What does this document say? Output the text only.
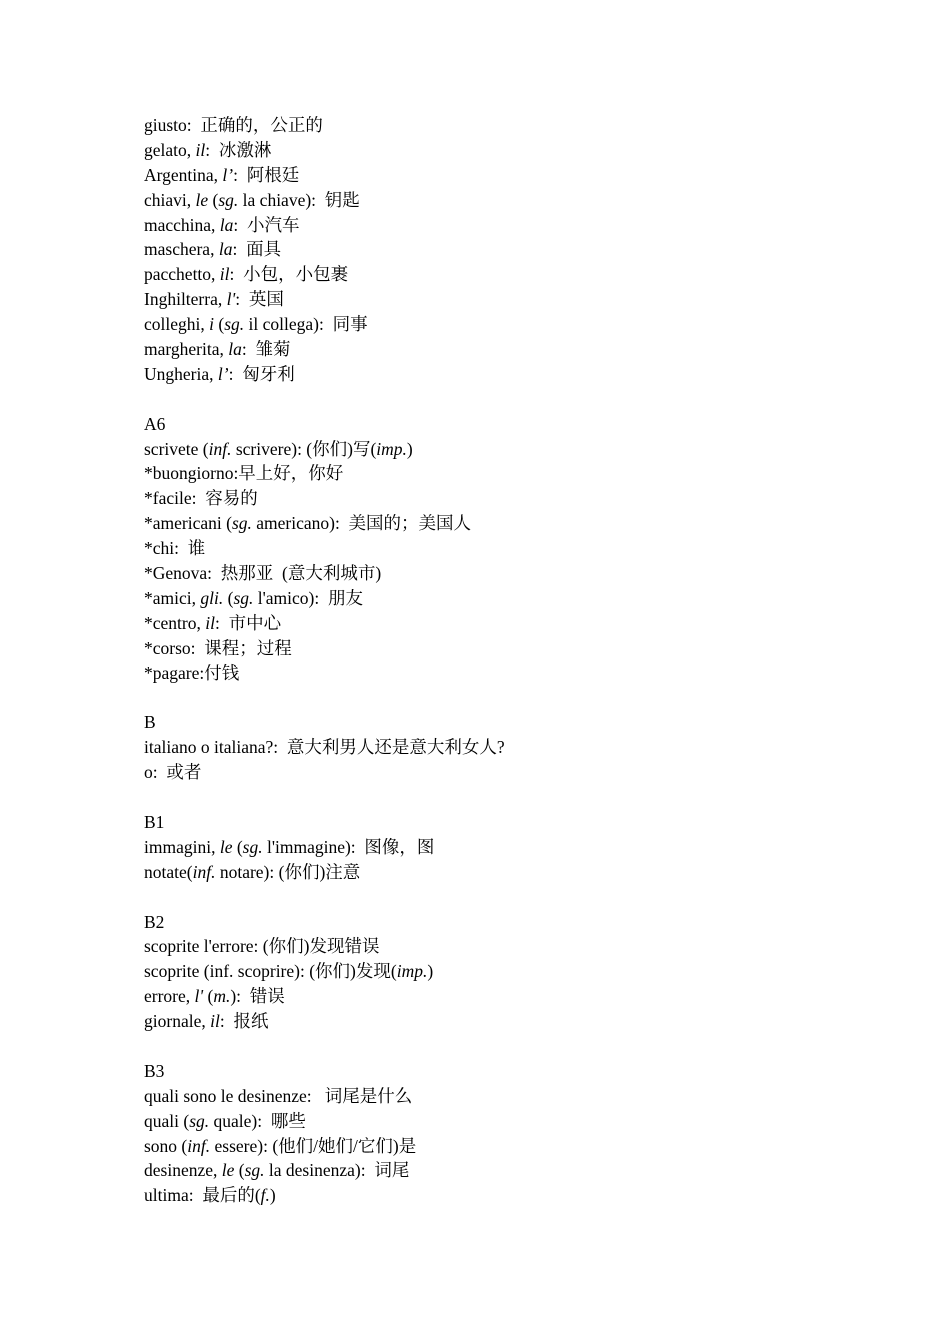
giusto:  正确的，公正的
gelato, il:  冰激淋
Argentina, l’:  阿根廷
chiavi, le (sg. la chiave):  钥匙
macchina, la:  小汽车
maschera, la:  面具
pacchetto, il:  小包，小包裹
Inghilterra, l':  英国
colleghi, i (sg. il collega):  同事
margherita, la:  雏菊
Ungheria, l’:  匈牙利
A6
scrivete (inf. scrivere): (你们)写(imp.)
*buongiorno:早上好，你好
*facile:  容易的
*americani (sg. americano):  美国的；美国人
*chi:  谁
*Genova:  热那亚  (意大利城市)
*amici, gli. (sg. l'amico):  朋友
*centro, il:  市中心
*corso:  课程；过程
*pagare:付钱
B
italiano o italiana?:  意大利男人还是意大利女人?
o:  或者
B1
immagini, le (sg. l'immagine):  图像，图
notate(inf. notare): (你们)注意
B2
scoprite l'errore: (你们)发现错误
scoprite (inf. scoprire): (你们)发现(imp.)
errore, l' (m.):  错误
giornale, il:  报纸
B3
quali sono le desinenze:   词尾是什么
quali (sg. quale):  哪些
sono (inf. essere): (他们/她们/它们)是
desinenze, le (sg. la desinenza):  词尾
ultima:  最后的(f.)
